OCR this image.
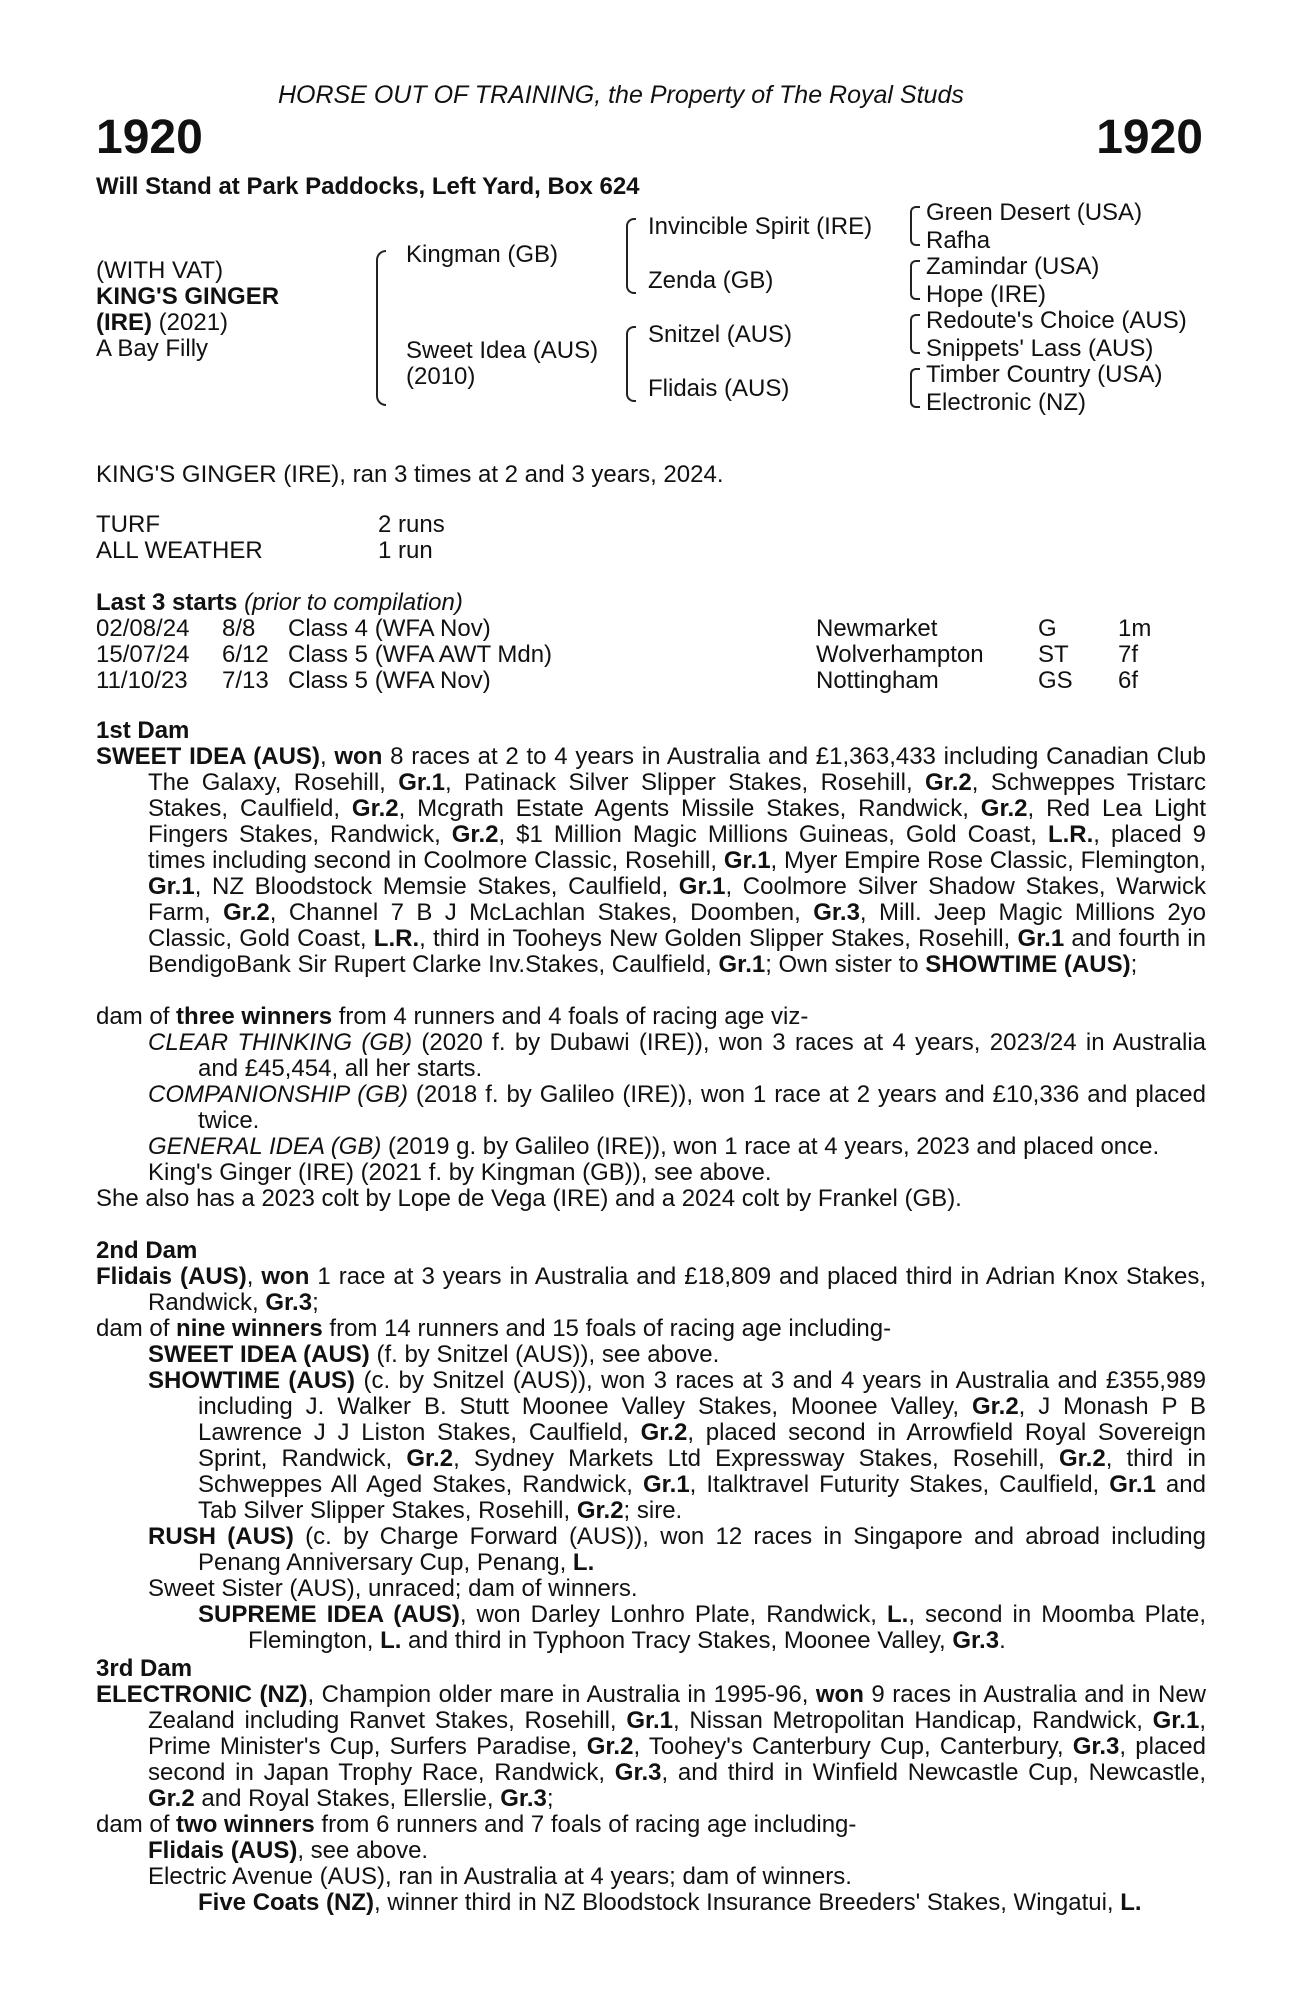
HORSE OUT OF TRAINING, the Property of The Royal Studs
1920	1920
Will Stand at Park Paddocks, Left Yard, Box 624
(WITH VAT)
KING'S GINGER
(IRE) (2021)
A Bay Filly
Kingman (GB)
Sweet Idea (AUS)
(2010)
Invincible Spirit (IRE)
Zenda (GB)
Snitzel (AUS)
Flidais (AUS)
Green Desert (USA)
Rafha
Zamindar (USA)
Hope (IRE)
Redoute's Choice (AUS)
Snippets' Lass (AUS)
Timber Country (USA)
Electronic (NZ)
KING'S GINGER (IRE), ran 3 times at 2 and 3 years, 2024.
TURF	2 runs
ALL WEATHER	1 run
Last 3 starts (prior to compilation)
02/08/24 8/8 Class 4 (WFA Nov)	Newmarket	G	1m
15/07/24 6/12 Class 5 (WFA AWT Mdn)	Wolverhampton ST 7f
11/10/23 7/13 Class 5 (WFA Nov)	Nottingham	GS 6f
1st Dam
SWEET IDEA (AUS), won 8 races at 2 to 4 years in Australia and £1,363,433 including Canadian Club The Galaxy, Rosehill, Gr.1, Patinack Silver Slipper Stakes, Rosehill, Gr.2, Schweppes Tristarc Stakes, Caulfield, Gr.2, Mcgrath Estate Agents Missile Stakes, Randwick, Gr.2, Red Lea Light Fingers Stakes, Randwick, Gr.2, $1 Million Magic Millions Guineas, Gold Coast, L.R., placed 9 times including second in Coolmore Classic, Rosehill, Gr.1, Myer Empire Rose Classic, Flemington, Gr.1, NZ Bloodstock Memsie Stakes, Caulfield, Gr.1, Coolmore Silver Shadow Stakes, Warwick Farm, Gr.2, Channel 7 B J McLachlan Stakes, Doomben, Gr.3, Mill. Jeep Magic Millions 2yo Classic, Gold Coast, L.R., third in Tooheys New Golden Slipper Stakes, Rosehill, Gr.1 and fourth in BendigoBank Sir Rupert Clarke Inv.Stakes, Caulfield, Gr.1; Own sister to SHOWTIME (AUS);
dam of three winners from 4 runners and 4 foals of racing age viz-
CLEAR THINKING (GB) (2020 f. by Dubawi (IRE)), won 3 races at 4 years, 2023/24 in Australia and £45,454, all her starts.
COMPANIONSHIP (GB) (2018 f. by Galileo (IRE)), won 1 race at 2 years and £10,336 and placed twice.
GENERAL IDEA (GB) (2019 g. by Galileo (IRE)), won 1 race at 4 years, 2023 and placed once.
King's Ginger (IRE) (2021 f. by Kingman (GB)), see above.
She also has a 2023 colt by Lope de Vega (IRE) and a 2024 colt by Frankel (GB).
2nd Dam
Flidais (AUS), won 1 race at 3 years in Australia and £18,809 and placed third in Adrian Knox Stakes, Randwick, Gr.3;
dam of nine winners from 14 runners and 15 foals of racing age including-
SWEET IDEA (AUS) (f. by Snitzel (AUS)), see above.
SHOWTIME (AUS) (c. by Snitzel (AUS)), won 3 races at 3 and 4 years in Australia and £355,989 including J. Walker B. Stutt Moonee Valley Stakes, Moonee Valley, Gr.2, J Monash P B Lawrence J J Liston Stakes, Caulfield, Gr.2, placed second in Arrowfield Royal Sovereign Sprint, Randwick, Gr.2, Sydney Markets Ltd Expressway Stakes, Rosehill, Gr.2, third in Schweppes All Aged Stakes, Randwick, Gr.1, Italktravel Futurity Stakes, Caulfield, Gr.1 and Tab Silver Slipper Stakes, Rosehill, Gr.2; sire.
RUSH (AUS) (c. by Charge Forward (AUS)), won 12 races in Singapore and abroad including Penang Anniversary Cup, Penang, L.
Sweet Sister (AUS), unraced; dam of winners.
SUPREME IDEA (AUS), won Darley Lonhro Plate, Randwick, L., second in Moomba Plate, Flemington, L. and third in Typhoon Tracy Stakes, Moonee Valley, Gr.3.
3rd Dam
ELECTRONIC (NZ), Champion older mare in Australia in 1995-96, won 9 races in Australia and in New Zealand including Ranvet Stakes, Rosehill, Gr.1, Nissan Metropolitan Handicap, Randwick, Gr.1, Prime Minister's Cup, Surfers Paradise, Gr.2, Toohey's Canterbury Cup, Canterbury, Gr.3, placed second in Japan Trophy Race, Randwick, Gr.3, and third in Winfield Newcastle Cup, Newcastle, Gr.2 and Royal Stakes, Ellerslie, Gr.3;
dam of two winners from 6 runners and 7 foals of racing age including-
Flidais (AUS), see above.
Electric Avenue (AUS), ran in Australia at 4 years; dam of winners.
Five Coats (NZ), winner third in NZ Bloodstock Insurance Breeders' Stakes, Wingatui, L.
